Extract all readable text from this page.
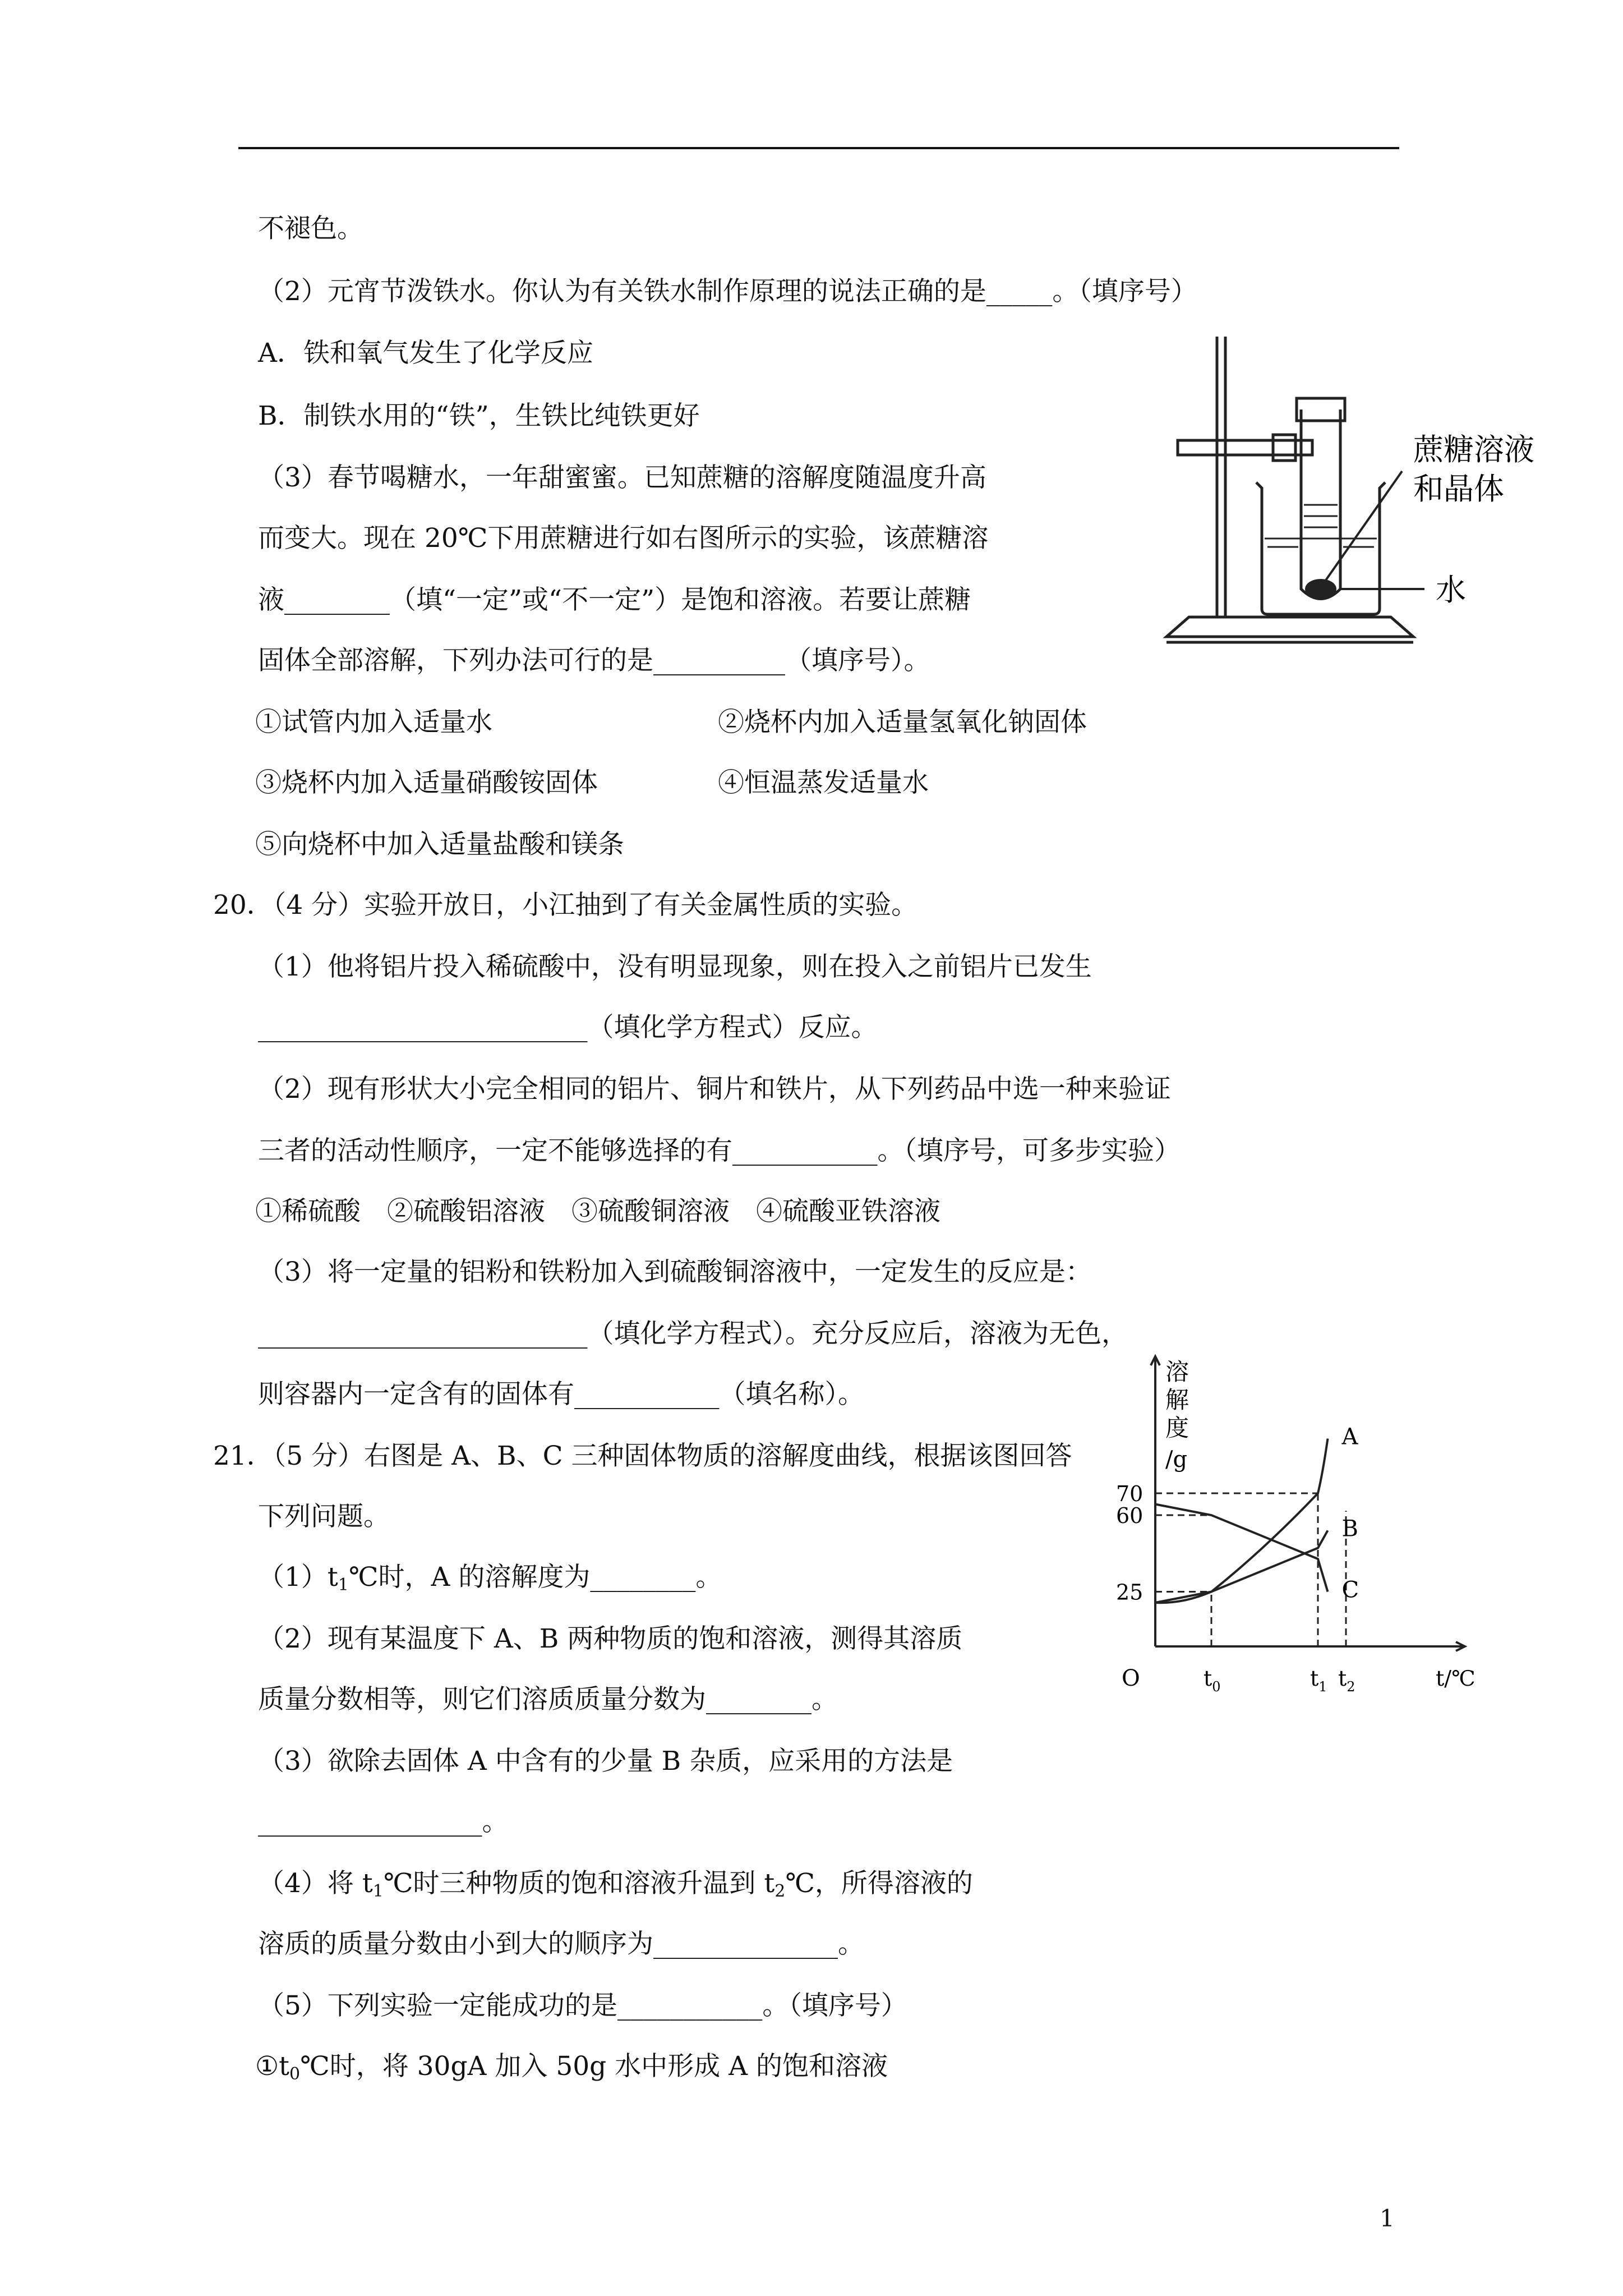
不褪色。
（2）元宵节泼铁水。你认为有关铁水制作原理的说法正确的是_____。（填序号）
A．铁和氧气发生了化学反应
B．制铁水用的“铁”，生铁比纯铁更好
（3）春节喝糖水，一年甜蜜蜜。已知蔗糖的溶解度随温度升高
而变大。现在 20℃下用蔗糖进行如右图所示的实验，该蔗糖溶
液________（填“一定”或“不一定”）是饱和溶液。若要让蔗糖
固体全部溶解，下列办法可行的是__________（填序号）。
①试管内加入适量水	②烧杯内加入适量氢氧化钠固体
③烧杯内加入适量硝酸铵固体	④恒温蒸发适量水
⑤向烧杯中加入适量盐酸和镁条
20．（4 分）实验开放日，小江抽到了有关金属性质的实验。
（1）他将铝片投入稀硫酸中，没有明显现象，则在投入之前铝片已发生
_________________________（填化学方程式）反应。
（2）现有形状大小完全相同的铝片、铜片和铁片，从下列药品中选一种来验证
三者的活动性顺序，一定不能够选择的有___________。（填序号，可多步实验）
①稀硫酸　②硫酸铝溶液　③硫酸铜溶液　④硫酸亚铁溶液
（3）将一定量的铝粉和铁粉加入到硫酸铜溶液中，一定发生的反应是：
_________________________（填化学方程式）。充分反应后，溶液为无色，
则容器内一定含有的固体有___________（填名称）。
21．（5 分）右图是 A、B、C 三种固体物质的溶解度曲线，根据该图回答
下列问题。
$(1)t_1℃$时，A 的溶解度为________。
（2）现有某温度下 A、B 两种物质的饱和溶液，测得其溶质
质量分数相等，则它们溶质质量分数为________。
（3）欲除去固体 A 中含有的少量 B 杂质，应采用的方法是
_________________。
（4）将 $t_1℃$时三种物质的饱和溶液升温到 $t_2℃$，所得溶液的
溶质的质量分数由小到大的顺序为______________。
（5）下列实验一定能成功的是___________。（填序号）
$①t_0℃$时，将 30gA 加入 50g 水中形成 A 的饱和溶液
蔗糖溶液
和晶体
水
溶
解
度
/g
70
60
25
O	$t_0$	$t_1$ $t_2$	t/℃
A
B
C
1
